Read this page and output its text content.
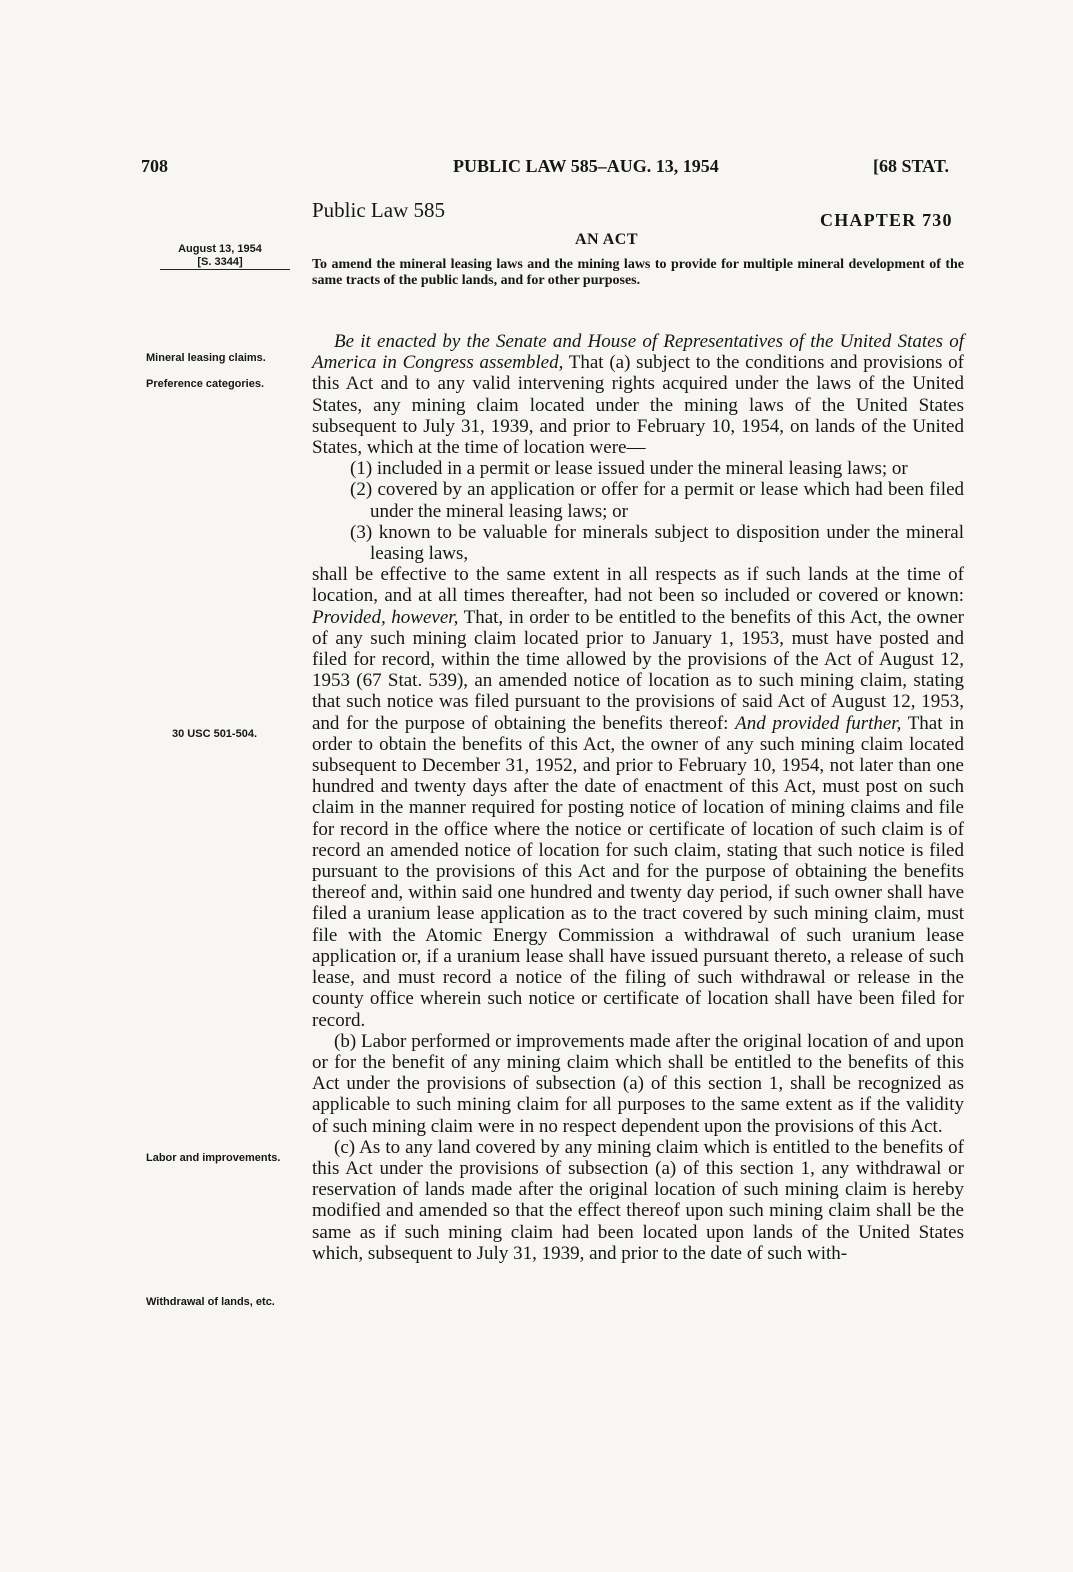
708	PUBLIC LAW 585–AUG. 13, 1954	[68 STAT.
Public Law 585	CHAPTER 730
AN ACT
To amend the mineral leasing laws and the mining laws to provide for multiple mineral development of the same tracts of the public lands, and for other purposes.
August 13, 1954
[S. 3344]
Mineral leasing claims.
Preference categories.
30 USC 501-504.
Labor and improvements.
Withdrawal of lands, etc.
Be it enacted by the Senate and House of Representatives of the United States of America in Congress assembled, That (a) subject to the conditions and provisions of this Act and to any valid intervening rights acquired under the laws of the United States, any mining claim located under the mining laws of the United States subsequent to July 31, 1939, and prior to February 10, 1954, on lands of the United States, which at the time of location were—
(1) included in a permit or lease issued under the mineral leasing laws; or
(2) covered by an application or offer for a permit or lease which had been filed under the mineral leasing laws; or
(3) known to be valuable for minerals subject to disposition under the mineral leasing laws,
shall be effective to the same extent in all respects as if such lands at the time of location, and at all times thereafter, had not been so included or covered or known: Provided, however, That, in order to be entitled to the benefits of this Act, the owner of any such mining claim located prior to January 1, 1953, must have posted and filed for record, within the time allowed by the provisions of the Act of August 12, 1953 (67 Stat. 539), an amended notice of location as to such mining claim, stating that such notice was filed pursuant to the provisions of said Act of August 12, 1953, and for the purpose of obtaining the benefits thereof: And provided further, That in order to obtain the benefits of this Act, the owner of any such mining claim located subsequent to December 31, 1952, and prior to February 10, 1954, not later than one hundred and twenty days after the date of enactment of this Act, must post on such claim in the manner required for posting notice of location of mining claims and file for record in the office where the notice or certificate of location of such claim is of record an amended notice of location for such claim, stating that such notice is filed pursuant to the provisions of this Act and for the purpose of obtaining the benefits thereof and, within said one hundred and twenty day period, if such owner shall have filed a uranium lease application as to the tract covered by such mining claim, must file with the Atomic Energy Commission a withdrawal of such uranium lease application or, if a uranium lease shall have issued pursuant thereto, a release of such lease, and must record a notice of the filing of such withdrawal or release in the county office wherein such notice or certificate of location shall have been filed for record.
(b) Labor performed or improvements made after the original location of and upon or for the benefit of any mining claim which shall be entitled to the benefits of this Act under the provisions of subsection (a) of this section 1, shall be recognized as applicable to such mining claim for all purposes to the same extent as if the validity of such mining claim were in no respect dependent upon the provisions of this Act.
(c) As to any land covered by any mining claim which is entitled to the benefits of this Act under the provisions of subsection (a) of this section 1, any withdrawal or reservation of lands made after the original location of such mining claim is hereby modified and amended so that the effect thereof upon such mining claim shall be the same as if such mining claim had been located upon lands of the United States which, subsequent to July 31, 1939, and prior to the date of such with-
